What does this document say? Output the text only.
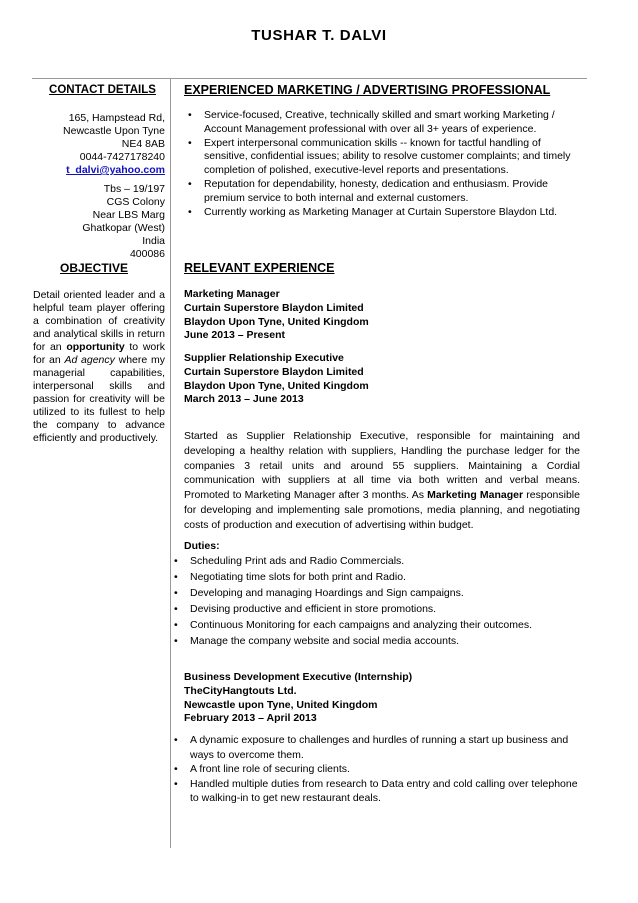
TUSHAR T. DALVI
CONTACT DETAILS
165, Hampstead Rd,
Newcastle Upon Tyne
NE4 8AB
0044-7427178240
t_dalvi@yahoo.com
Tbs – 19/197
CGS Colony
Near LBS Marg
Ghatkopar (West)
India
400086
OBJECTIVE
Detail oriented leader and a helpful team player offering a combination of creativity and analytical skills in return for an opportunity to work for an Ad agency where my managerial capabilities, interpersonal skills and passion for creativity will be utilized to its fullest to help the company to advance efficiently and productively.
EXPERIENCED MARKETING / ADVERTISING PROFESSIONAL
• Service-focused, Creative, technically skilled and smart working Marketing / Account Management professional with over all 3+ years of experience.
• Expert interpersonal communication skills -- known for tactful handling of sensitive, confidential issues; ability to resolve customer complaints; and timely completion of polished, executive-level reports and presentations.
• Reputation for dependability, honesty, dedication and enthusiasm. Provide premium service to both internal and external customers.
• Currently working as Marketing Manager at Curtain Superstore Blaydon Ltd.
RELEVANT EXPERIENCE
Marketing Manager
Curtain Superstore Blaydon Limited
Blaydon Upon Tyne, United Kingdom
June 2013 – Present
Supplier Relationship Executive
Curtain Superstore Blaydon Limited
Blaydon Upon Tyne, United Kingdom
March 2013 – June 2013
Started as Supplier Relationship Executive, responsible for maintaining and developing a healthy relation with suppliers, Handling the purchase ledger for the companies 3 retail units and around 55 suppliers. Maintaining a Cordial communication with suppliers at all time via both written and verbal means. Promoted to Marketing Manager after 3 months. As Marketing Manager responsible for developing and implementing sale promotions, media planning, and negotiating costs of production and execution of advertising within budget.
Duties:
• Scheduling Print ads and Radio Commercials.
• Negotiating time slots for both print and Radio.
• Developing and managing Hoardings and Sign campaigns.
• Devising productive and efficient in store promotions.
• Continuous Monitoring for each campaigns and analyzing their outcomes.
• Manage the company website and social media accounts.
Business Development Executive (Internship)
TheCityHangtouts Ltd.
Newcastle upon Tyne, United Kingdom
February 2013 – April 2013
• A dynamic exposure to challenges and hurdles of running a start up business and ways to overcome them.
• A front line role of securing clients.
• Handled multiple duties from research to Data entry and cold calling over telephone to walking-in to get new restaurant deals.
